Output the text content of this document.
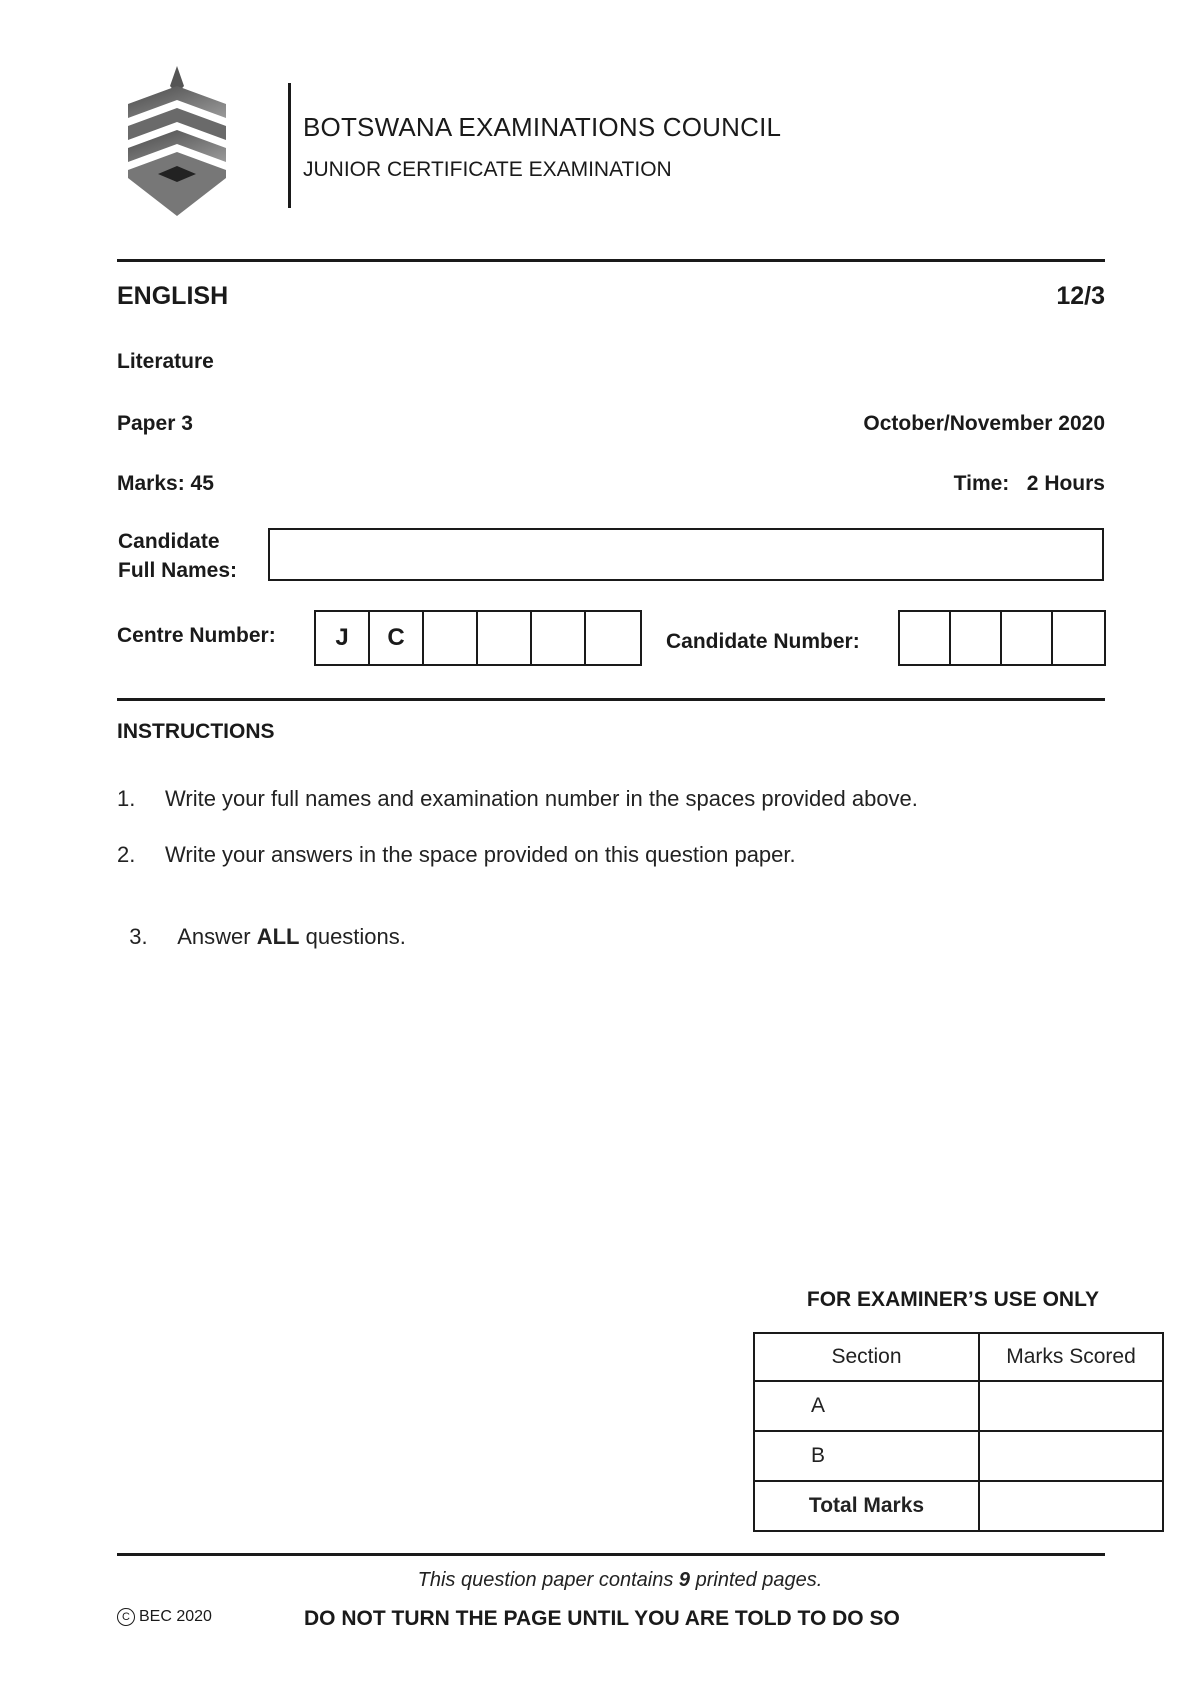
BOTSWANA EXAMINATIONS COUNCIL
JUNIOR CERTIFICATE EXAMINATION
ENGLISH	12/3
Literature
Paper 3	October/November 2020
Marks: 45	Time:   2 Hours
Candidate
Full Names:
Centre Number:	J	C	Candidate Number:
INSTRUCTIONS
1. Write your full names and examination number in the spaces provided above.
2. Write your answers in the space provided on this question paper.

3. Answer ALL questions.

FOR EXAMINER’S USE ONLY
Section	Marks Scored
A	
B	
Total Marks	
This question paper contains 9 printed pages.
C BEC 2020	DO NOT TURN THE PAGE UNTIL YOU ARE TOLD TO DO SO
